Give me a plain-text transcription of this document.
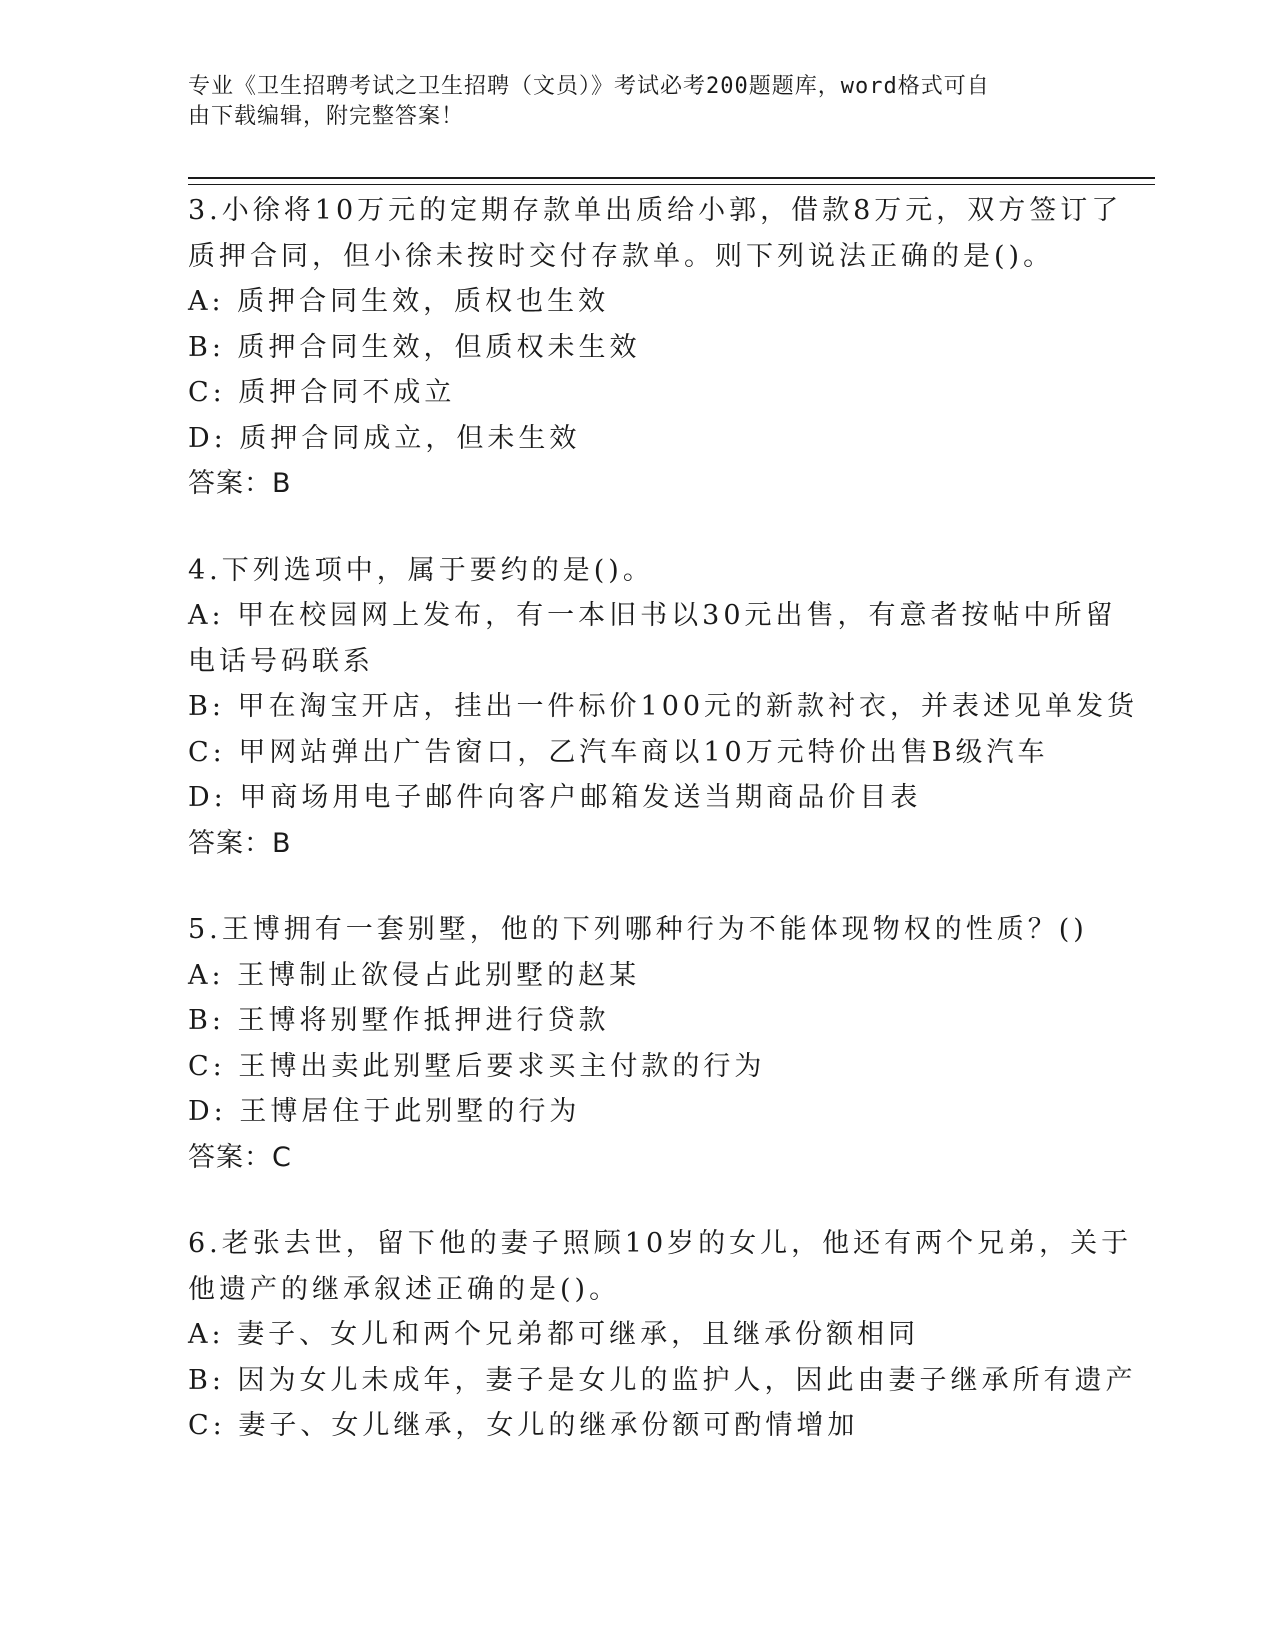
专业《卫生招聘考试之卫生招聘（文员）》考试必考200题题库，word格式可自
由下载编辑，附完整答案！
3.小徐将10万元的定期存款单出质给小郭，借款8万元，双方签订了
质押合同，但小徐未按时交付存款单。则下列说法正确的是()。
A: 质押合同生效，质权也生效
B: 质押合同生效，但质权未生效
C: 质押合同不成立
D: 质押合同成立，但未生效
答案：B
4.下列选项中，属于要约的是()。
A: 甲在校园网上发布，有一本旧书以30元出售，有意者按帖中所留
电话号码联系
B: 甲在淘宝开店，挂出一件标价100元的新款衬衣，并表述见单发货
C: 甲网站弹出广告窗口，乙汽车商以10万元特价出售B级汽车
D: 甲商场用电子邮件向客户邮箱发送当期商品价目表
答案：B
5.王博拥有一套别墅，他的下列哪种行为不能体现物权的性质？()
A: 王博制止欲侵占此别墅的赵某
B: 王博将别墅作抵押进行贷款
C: 王博出卖此别墅后要求买主付款的行为
D: 王博居住于此别墅的行为
答案：C
6.老张去世，留下他的妻子照顾10岁的女儿，他还有两个兄弟，关于
他遗产的继承叙述正确的是()。
A: 妻子、女儿和两个兄弟都可继承，且继承份额相同
B: 因为女儿未成年，妻子是女儿的监护人，因此由妻子继承所有遗产
C: 妻子、女儿继承，女儿的继承份额可酌情增加
